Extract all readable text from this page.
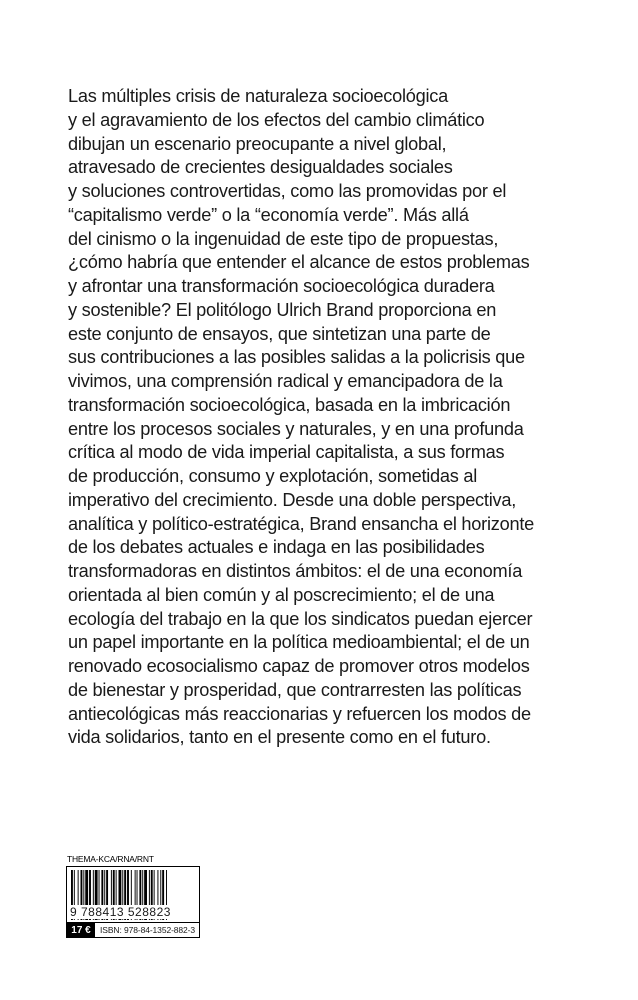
Las múltiples crisis de naturaleza socioecológica
y el agravamiento de los efectos del cambio climático
dibujan un escenario preocupante a nivel global,
atravesado de crecientes desigualdades sociales
y soluciones controvertidas, como las promovidas por el
“capitalismo verde” o la “economía verde”. Más allá
del cinismo o la ingenuidad de este tipo de propuestas,
¿cómo habría que entender el alcance de estos problemas
y afrontar una transformación socioecológica duradera
y sostenible? El politólogo Ulrich Brand proporciona en
este conjunto de ensayos, que sintetizan una parte de
sus contribuciones a las posibles salidas a la policrisis que
vivimos, una comprensión radical y emancipadora de la
transformación socioecológica, basada en la imbricación
entre los procesos sociales y naturales, y en una profunda
crítica al modo de vida imperial capitalista, a sus formas
de producción, consumo y explotación, sometidas al
imperativo del crecimiento. Desde una doble perspectiva,
analítica y político-estratégica, Brand ensancha el horizonte
de los debates actuales e indaga en las posibilidades
transformadoras en distintos ámbitos: el de una economía
orientada al bien común y al poscrecimiento; el de una
ecología del trabajo en la que los sindicatos puedan ejercer
un papel importante en la política medioambiental; el de un
renovado ecosocialismo capaz de promover otros modelos
de bienestar y prosperidad, que contrarresten las políticas
antiecológicas más reaccionarias y refuercen los modos de
vida solidarios, tanto en el presente como en el futuro.
THEMA-KCA/RNA/RNT
9 788413 528823
17 €	ISBN: 978-84-1352-882-3
